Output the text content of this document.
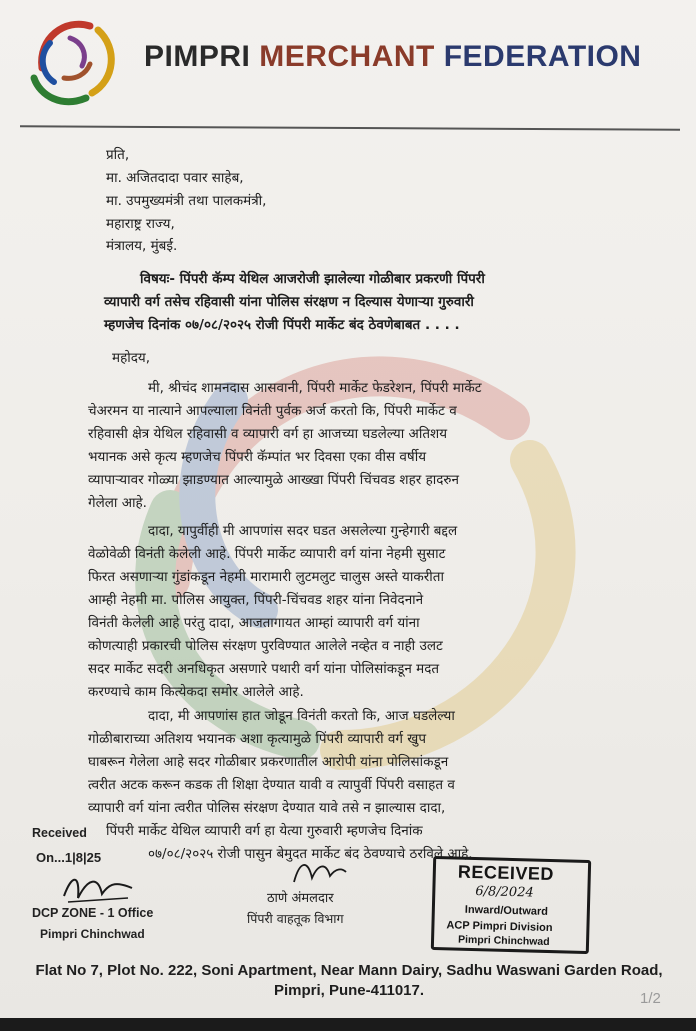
PIMPRI MERCHANT FEDERATION
प्रति,
मा. अजितदादा पवार साहेब,
मा. उपमुख्यमंत्री तथा पालकमंत्री,
महाराष्ट्र राज्य,
मंत्रालय, मुंबई.
विषयः- पिंपरी कॅम्प येथिल आजरोजी झालेल्या गोळीबार प्रकरणी पिंपरी
व्यापारी वर्ग तसेच रहिवासी यांना पोलिस संरक्षण न दिल्यास येणाऱ्या गुरुवारी
म्हणजेच दिनांक ०७/०८/२०२५ रोजी पिंपरी मार्केट बंद ठेवणेबाबत . . . .
महोदय,
मी, श्रीचंद शामनदास आसवानी, पिंपरी मार्केट फेडरेशन, पिंपरी मार्केट
चेअरमन या नात्याने आपल्याला विनंती पुर्वक अर्ज करतो कि, पिंपरी मार्केट व
रहिवासी क्षेत्र येथिल रहिवासी व व्यापारी वर्ग हा आजच्या घडलेल्या अतिशय
भयानक असे कृत्य म्हणजेच पिंपरी कॅम्पांत भर दिवसा एका वीस वर्षीय
व्यापाऱ्यावर गोळ्या झाडण्यात आल्यामुळे आख्खा पिंपरी चिंचवड शहर हादरुन
गेलेला आहे.
दादा, यापुर्वीही मी आपणांस सदर घडत असलेल्या गुन्हेगारी बद्दल
वेळोवेळी विनंती केलेली आहे. पिंपरी मार्केट व्यापारी वर्ग यांना नेहमी सुसाट
फिरत असणाऱ्या गुंडांकडून नेहमी मारामारी लुटमलुट चालुस अस्ते याकरीता
आम्ही नेहमी मा. पोलिस आयुक्त, पिंपरी-चिंचवड शहर यांना निवेदनाने
विनंती केलेली आहे परंतु दादा, आजतागायत आम्हां व्यापारी वर्ग यांना
कोणत्याही प्रकारची पोलिस संरक्षण पुरविण्यात आलेले नव्हेत व नाही उलट
सदर मार्केट सदरी अनधिकृत असणारे पथारी वर्ग यांना पोलिसांकडून मदत
करण्याचे काम कित्येकदा समोर आलेले आहे.
दादा, मी आपणांस हात जोडून विनंती करतो कि, आज घडलेल्या
गोळीबाराच्या अतिशय भयानक अशा कृत्यामुळे पिंपरी व्यापारी वर्ग खुप
घाबरून गेलेला आहे सदर गोळीबार प्रकरणातील आरोपी यांना पोलिसांकडून
त्वरीत अटक करून कडक ती शिक्षा देण्यात यावी व त्यापुर्वी पिंपरी वसाहत व
व्यापारी वर्ग यांना त्वरीत पोलिस संरक्षण देण्यात यावे तसे न झाल्यास दादा,
पिंपरी मार्केट येथिल व्यापारी वर्ग हा येत्या गुरुवारी म्हणजेच दिनांक
०७/०८/२०२५ रोजी पासुन बेमुदत मार्केट बंद ठेवण्याचे ठरविले आहे.
Received
On...1|8|25
DCP ZONE - 1 Office
Pimpri Chinchwad
ठाणे अंमलदार
पिंपरी वाहतूक विभाग
RECEIVED
6/8/2024
Inward/Outward
ACP Pimpri Division
Pimpri Chinchwad
Flat No 7, Plot No. 222, Soni Apartment, Near Mann Dairy, Sadhu Waswani Garden Road,
Pimpri, Pune-411017.	1/2
